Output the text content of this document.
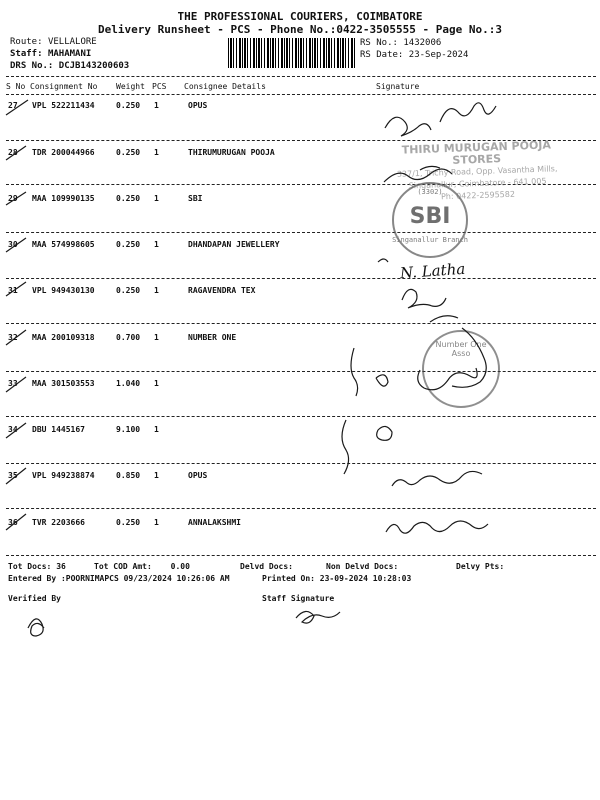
THE PROFESSIONAL COURIERS, COIMBATORE
Delivery Runsheet - PCS - Phone No.:0422-3505555 - Page No.:3
Route: VELLALORE
Staff: MAHAMANI
DRS No.: DCJB143200603
RS No.: 1432006
RS Date: 23-Sep-2024
S No Consignment No Weight PCS Consignee Details	Signature
27 VPL 522211434	0.250 1	OPUS
28 TDR 200044966	0.250 1	THIRUMURUGAN POOJA
29 MAA 109990135	0.250 1	SBI
30 MAA 574998605	0.250 1	DHANDAPAN JEWELLERY
31 VPL 949430130	0.250 1	RAGAVENDRA TEX
32 MAA 200109318	0.700 1	NUMBER ONE
33 MAA 301503553	1.040 1
34 DBU 1445167	9.100 1
35 VPL 949238874	0.850 1	OPUS
36 TVR 2203666	0.250 1	ANNALAKSHMI
THIRU MURUGAN POOJA STORES
337/1, Trichy Road, Opp. Vasantha Mills,
Singanallur, Coimbatore - 641 005
Ph: 0422-2595582
(3302)
SBI
Singanallur Branch
Number One Asso
N. Latha
Tot Docs: 36	Tot COD Amt: 0.00	Delvd Docs:	Non Delvd Docs:	Delvy Pts:
Entered By :POORNIMAPCS 09/23/2024 10:26:06 AM	Printed On: 23-09-2024 10:28:03
Verified By	Staff Signature
